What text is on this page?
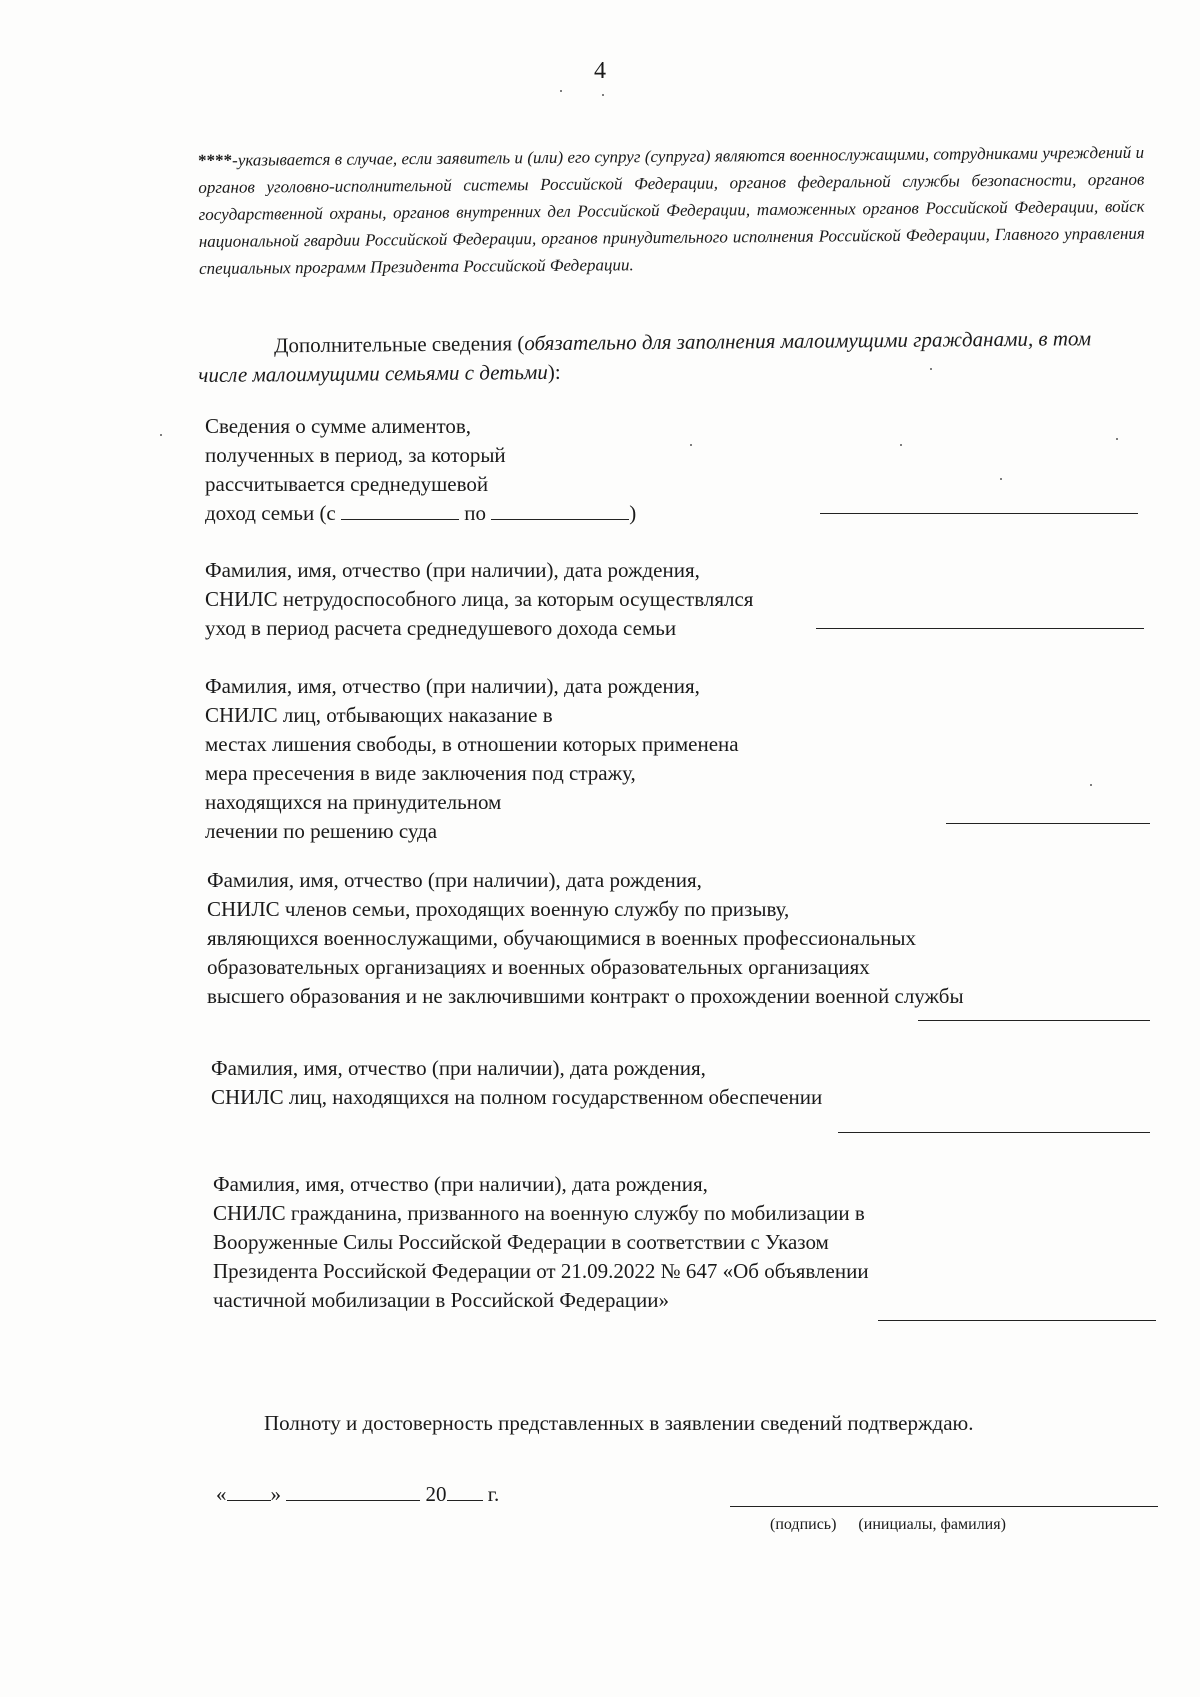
4
****-указывается в случае, если заявитель и (или) его супруг (супруга) являются военнослужащими, сотрудниками учреждений и органов уголовно-исполнительной системы Российской Федерации, органов федеральной службы безопасности, органов государственной охраны, органов внутренних дел Российской Федерации, таможенных органов Российской Федерации, войск национальной гвардии Российской Федерации, органов принудительного исполнения Российской Федерации, Главного управления специальных программ Президента Российской Федерации.
Дополнительные сведения (обязательно для заполнения малоимущими гражданами, в том числе малоимущими семьями с детьми):
Сведения о сумме алиментов,
полученных в период, за который
рассчитывается среднедушевой
доход семьи (с	по	)
Фамилия, имя, отчество (при наличии), дата рождения,
СНИЛС нетрудоспособного лица, за которым осуществлялся
уход в период расчета среднедушевого дохода семьи
Фамилия, имя, отчество (при наличии), дата рождения,
СНИЛС лиц, отбывающих наказание в
местах лишения свободы, в отношении которых применена
мера пресечения в виде заключения под стражу,
находящихся на принудительном
лечении по решению суда
Фамилия, имя, отчество (при наличии), дата рождения,
СНИЛС членов семьи, проходящих военную службу по призыву,
являющихся военнослужащими, обучающимися в военных профессиональных
образовательных организациях и военных образовательных организациях
высшего образования и не заключившими контракт о прохождении военной службы
Фамилия, имя, отчество (при наличии), дата рождения,
СНИЛС лиц, находящихся на полном государственном обеспечении
Фамилия, имя, отчество (при наличии), дата рождения,
СНИЛС гражданина, призванного на военную службу по мобилизации в
Вооруженные Силы Российской Федерации в соответствии с Указом
Президента Российской Федерации от 21.09.2022 № 647 «Об объявлении
частичной мобилизации в Российской Федерации»
Полноту и достоверность представленных в заявлении сведений подтверждаю.
« »	20 г.
(подпись) (инициалы, фамилия)
